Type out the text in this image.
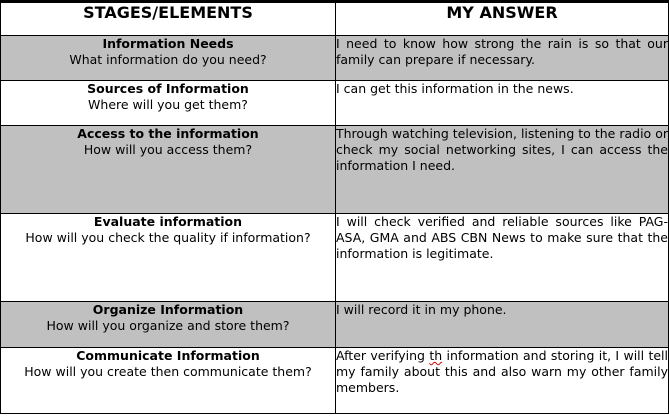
STAGES/ELEMENTS	MY ANSWER

Information Needs
What information do you need?	I need to know how strong the rain is so that our family can prepare if necessary.

Sources of Information
Where will you get them?	I can get this information in the news.

Access to the information
How will you access them?	Through watching television, listening to the radio or check my social networking sites, I can access the information I need.

Evaluate information
How will you check the quality if information?	I will check verified and reliable sources like PAG-ASA, GMA and ABS CBN News to make sure that the information is legitimate.

Organize Information
How will you organize and store them?	I will record it in my phone.

Communicate Information
How will you create then communicate them?	After verifying th information and storing it, I will tell my family about this and also warn my other family members.
